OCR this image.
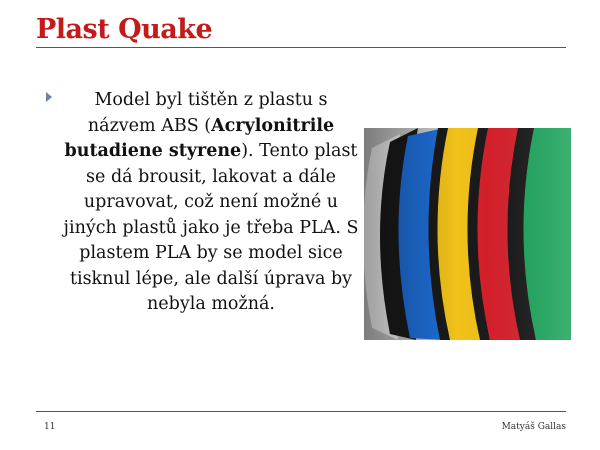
Plast Quake
Model byl tištěn z plastu s názvem ABS (Acrylonitrile butadiene styrene). Tento plast se dá brousit, lakovat a dále upravovat, což není možné u jiných plastů jako je třeba PLA. S plastem PLA by se model sice tisknul lépe, ale další úprava by nebyla možná.
11	Matyáš Gallas
